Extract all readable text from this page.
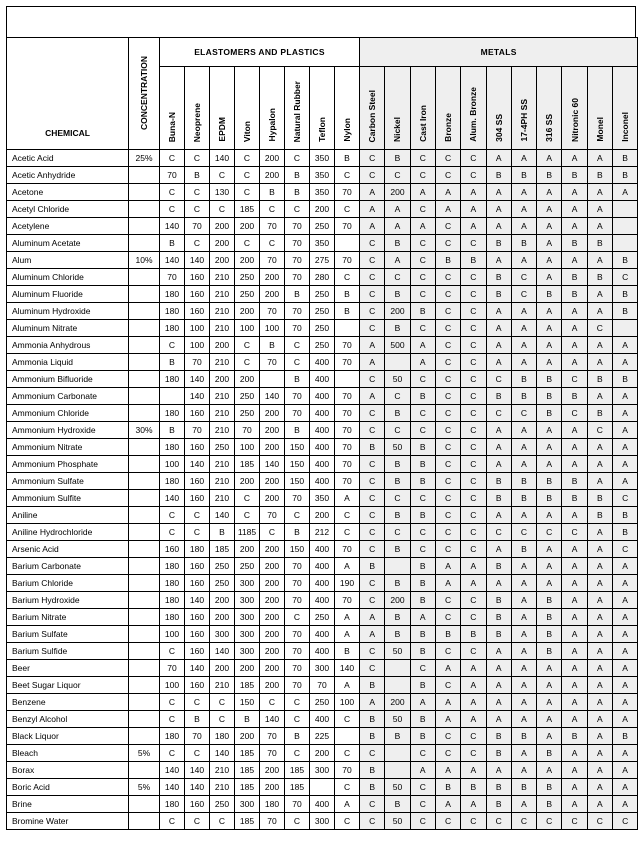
CHEMICAL	CONCENTRATION	ELASTOMERS AND PLASTICS								METALS										
		Buna-N	Neoprene	EPDM	Viton	Hypalon	Natural Rubber	Teflon	Nylon	Carbon Steel	Nickel	Cast Iron	Bronze	Alum. Bronze	304 SS	17-4PH SS	316 SS	Nitronic 60	Monel	Inconel
Acetic Acid	25%	C	C	140	C	200	C	350	B	C	B	C	C	C	A	A	A	A	A	B
Acetic Anhydride		70	B	C	C	200	B	350	C	C	C	C	C	C	B	B	B	B	B	B
Acetone		C	C	130	C	B	B	350	70	A	200	A	A	A	A	A	A	A	A	A
Acetyl Chloride		C	C	C	185	C	C	200	C	A	A	C	A	A	A	A	A	A	A	
Acetylene		140	70	200	200	70	70	250	70	A	A	A	C	A	A	A	A	A	A	
Aluminum Acetate		B	C	200	C	C	70	350		C	B	C	C	C	B	B	A	B	B	
Alum	10%	140	140	200	200	70	70	275	70	C	A	C	B	B	A	A	A	A	A	B
Aluminum Chloride		70	160	210	250	200	70	280	C	C	C	C	C	C	B	C	A	B	B	C
Aluminum Fluoride		180	160	210	250	200	B	250	B	C	B	C	C	C	B	C	B	B	A	B
Aluminum Hydroxide		180	160	210	200	70	70	250	B	C	200	B	C	C	A	A	A	A	A	B
Aluminum Nitrate		180	100	210	100	100	70	250		C	B	C	C	C	A	A	A	A	C	
Ammonia Anhydrous		C	100	200	C	B	C	250	70	A	500	A	C	C	A	A	A	A	A	A
Ammonia Liquid		B	70	210	C	70	C	400	70	A		A	C	C	A	A	A	A	A	A
Ammonium Bifluoride		180	140	200	200		B	400		C	50	C	C	C	C	B	B	C	B	B
Ammonium Carbonate			140	210	250	140	70	400	70	A	C	B	C	C	B	B	B	B	A	A
Ammonium Chloride		180	160	210	250	200	70	400	70	C	B	C	C	C	C	C	B	C	B	A
Ammonium Hydroxide	30%	B	70	210	70	200	B	400	70	C	C	C	C	C	A	A	A	A	C	A
Ammonium Nitrate		180	160	250	100	200	150	400	70	B	50	B	C	C	A	A	A	A	A	A
Ammonium Phosphate		100	140	210	185	140	150	400	70	C	B	B	C	C	A	A	A	A	A	A
Ammonium Sulfate		180	160	210	200	200	150	400	70	C	B	B	C	C	B	B	B	B	A	A
Ammonium Sulfite		140	160	210	C	200	70	350	A	C	C	C	C	C	B	B	B	B	B	C
Aniline		C	C	140	C	70	C	200	C	C	B	B	C	C	A	A	A	A	B	B
Aniline Hydrochloride		C	C	B	1185	C	B	212	C	C	C	C	C	C	C	C	C	C	A	B
Arsenic Acid		160	180	185	200	200	150	400	70	C	B	C	C	C	A	B	A	A	A	C
Barium Carbonate		180	160	250	250	200	70	400	A	B		B	A	A	B	A	A	A	A	A
Barium Chloride		180	160	250	300	200	70	400	190	C	B	B	A	A	A	A	A	A	A	A
Barium Hydroxide		180	140	200	300	200	70	400	70	C	200	B	C	C	B	A	B	A	A	A
Barium Nitrate		180	160	200	300	200	C	250	A	A	B	A	C	C	B	A	B	A	A	A
Barium Sulfate		100	160	300	300	200	70	400	A	A	B	B	B	B	B	A	B	A	A	A
Barium Sulfide		C	160	140	300	200	70	400	B	C	50	B	C	C	A	A	B	A	A	A
Beer		70	140	200	200	200	70	300	140	C		C	A	A	A	A	A	A	A	A
Beet Sugar Liquor		100	160	210	185	200	70	70	A	B		B	C	A	A	A	A	A	A	A
Benzene		C	C	C	150	C	C	250	100	A	200	A	A	A	A	A	A	A	A	A
Benzyl Alcohol		C	B	C	B	140	C	400	C	B	50	B	A	A	A	A	A	A	A	A
Black Liquor		180	70	180	200	70	B	225		B	B	B	C	C	B	B	A	B	A	B
Bleach	5%	C	C	140	185	70	C	200	C	C		C	C	C	B	A	B	A	A	A
Borax		140	140	210	185	200	185	300	70	B		A	A	A	A	A	A	A	A	A
Boric Acid	5%	140	140	210	185	200	185		C	B	50	C	B	B	B	B	B	A	A	A
Brine		180	160	250	300	180	70	400	A	C	B	C	A	A	B	A	B	A	A	A
Bromine Water		C	C	C	185	70	C	300	C	C	50	C	C	C	C	C	C	C	C	C
